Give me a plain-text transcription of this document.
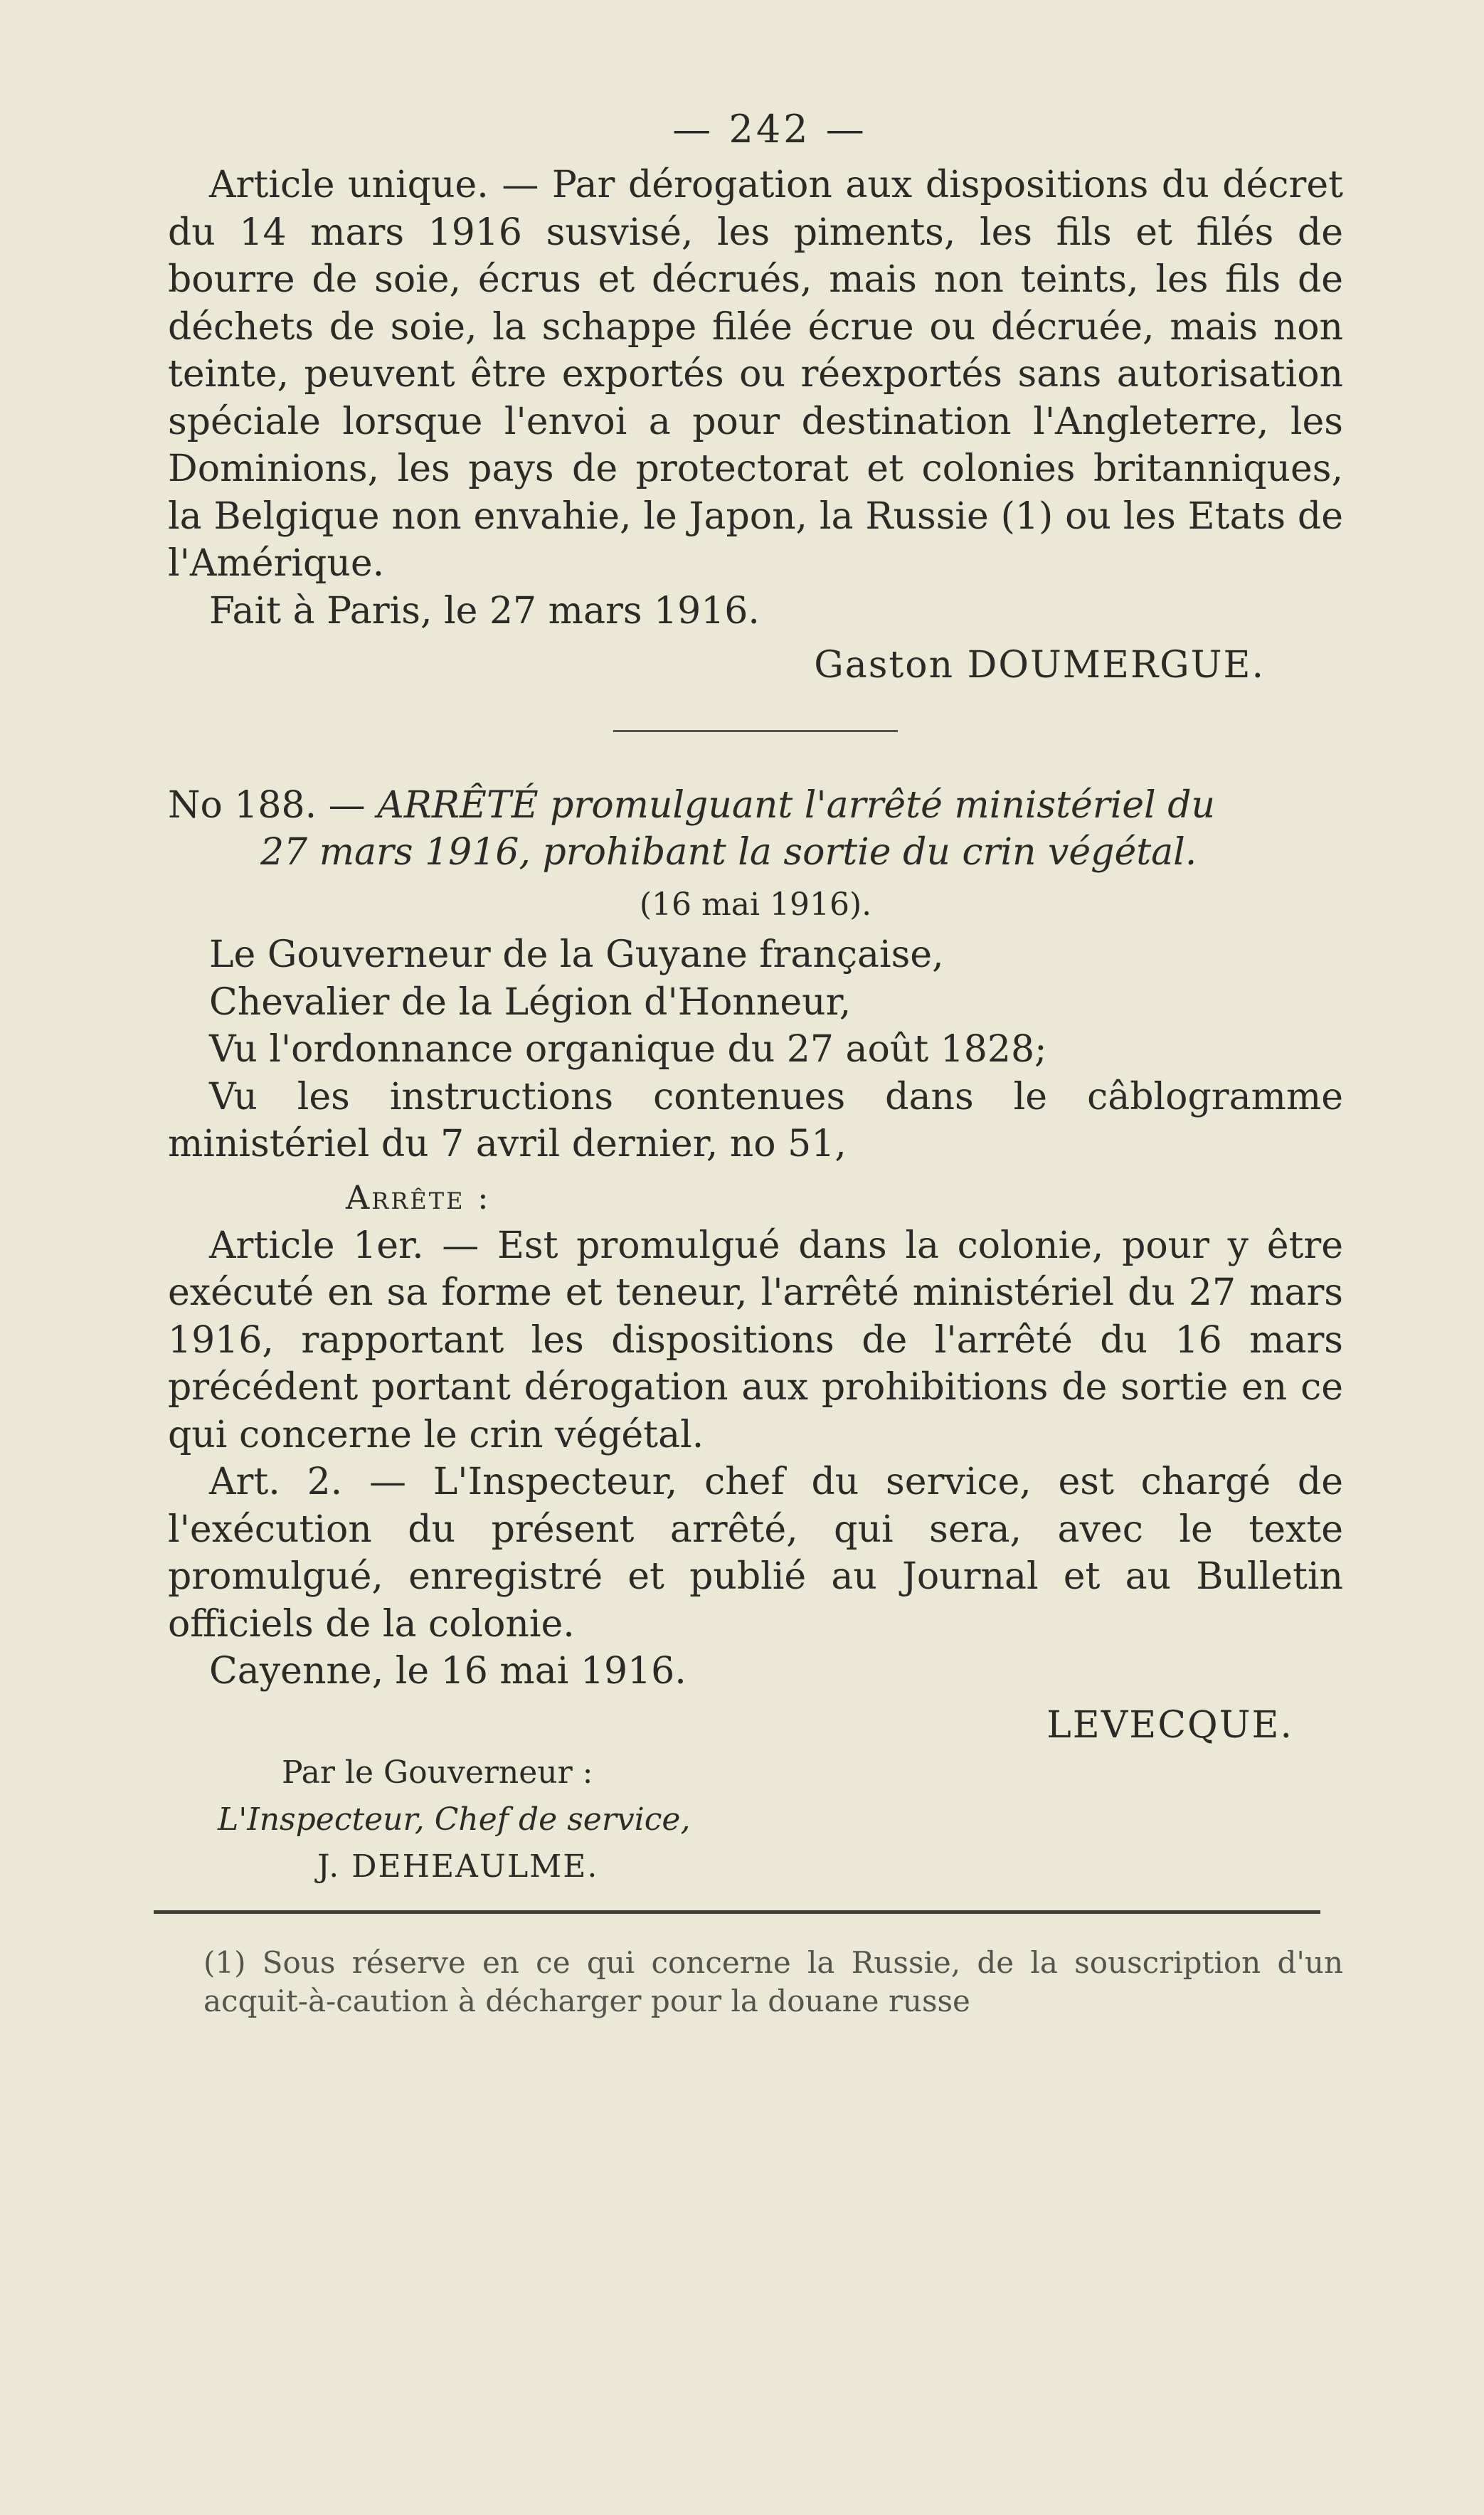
— 242 —

Article unique. — Par dérogation aux dispositions du décret du 14 mars 1916 susvisé, les piments, les fils et filés de bourre de soie, écrus et décrués, mais non teints, les fils de déchets de soie, la schappe filée écrue ou décruée, mais non teinte, peuvent être exportés ou réexportés sans autorisation spéciale lorsque l'envoi a pour destination l'Angleterre, les Dominions, les pays de protectorat et colonies britanniques, la Belgique non envahie, le Japon, la Russie (1) ou les Etats de l'Amérique.

Fait à Paris, le 27 mars 1916.

Gaston DOUMERGUE.

No 188. — ARRÊTÉ promulguant l'arrêté ministériel du

27 mars 1916, prohibant la sortie du crin végétal.
(16 mai 1916).

Le Gouverneur de la Guyane française,

Chevalier de la Légion d'Honneur,

Vu l'ordonnance organique du 27 août 1828;

Vu les instructions contenues dans le câblogramme ministériel du 7 avril dernier, no 51,

Arrête :

Article 1er. — Est promulgué dans la colonie, pour y être exécuté en sa forme et teneur, l'arrêté ministériel du 27 mars 1916, rapportant les dispositions de l'arrêté du 16 mars précédent portant dérogation aux prohibitions de sortie en ce qui concerne le crin végétal.

Art. 2. — L'Inspecteur, chef du service, est chargé de l'exécution du présent arrêté, qui sera, avec le texte promulgué, enregistré et publié au Journal et au Bulletin officiels de la colonie.

Cayenne, le 16 mai 1916.

LEVECQUE.
Par le Gouverneur :
L'Inspecteur, Chef de service,
J. DEHEAULME.

(1) Sous réserve en ce qui concerne la Russie, de la souscription d'un acquit-à-caution à décharger pour la douane russe
